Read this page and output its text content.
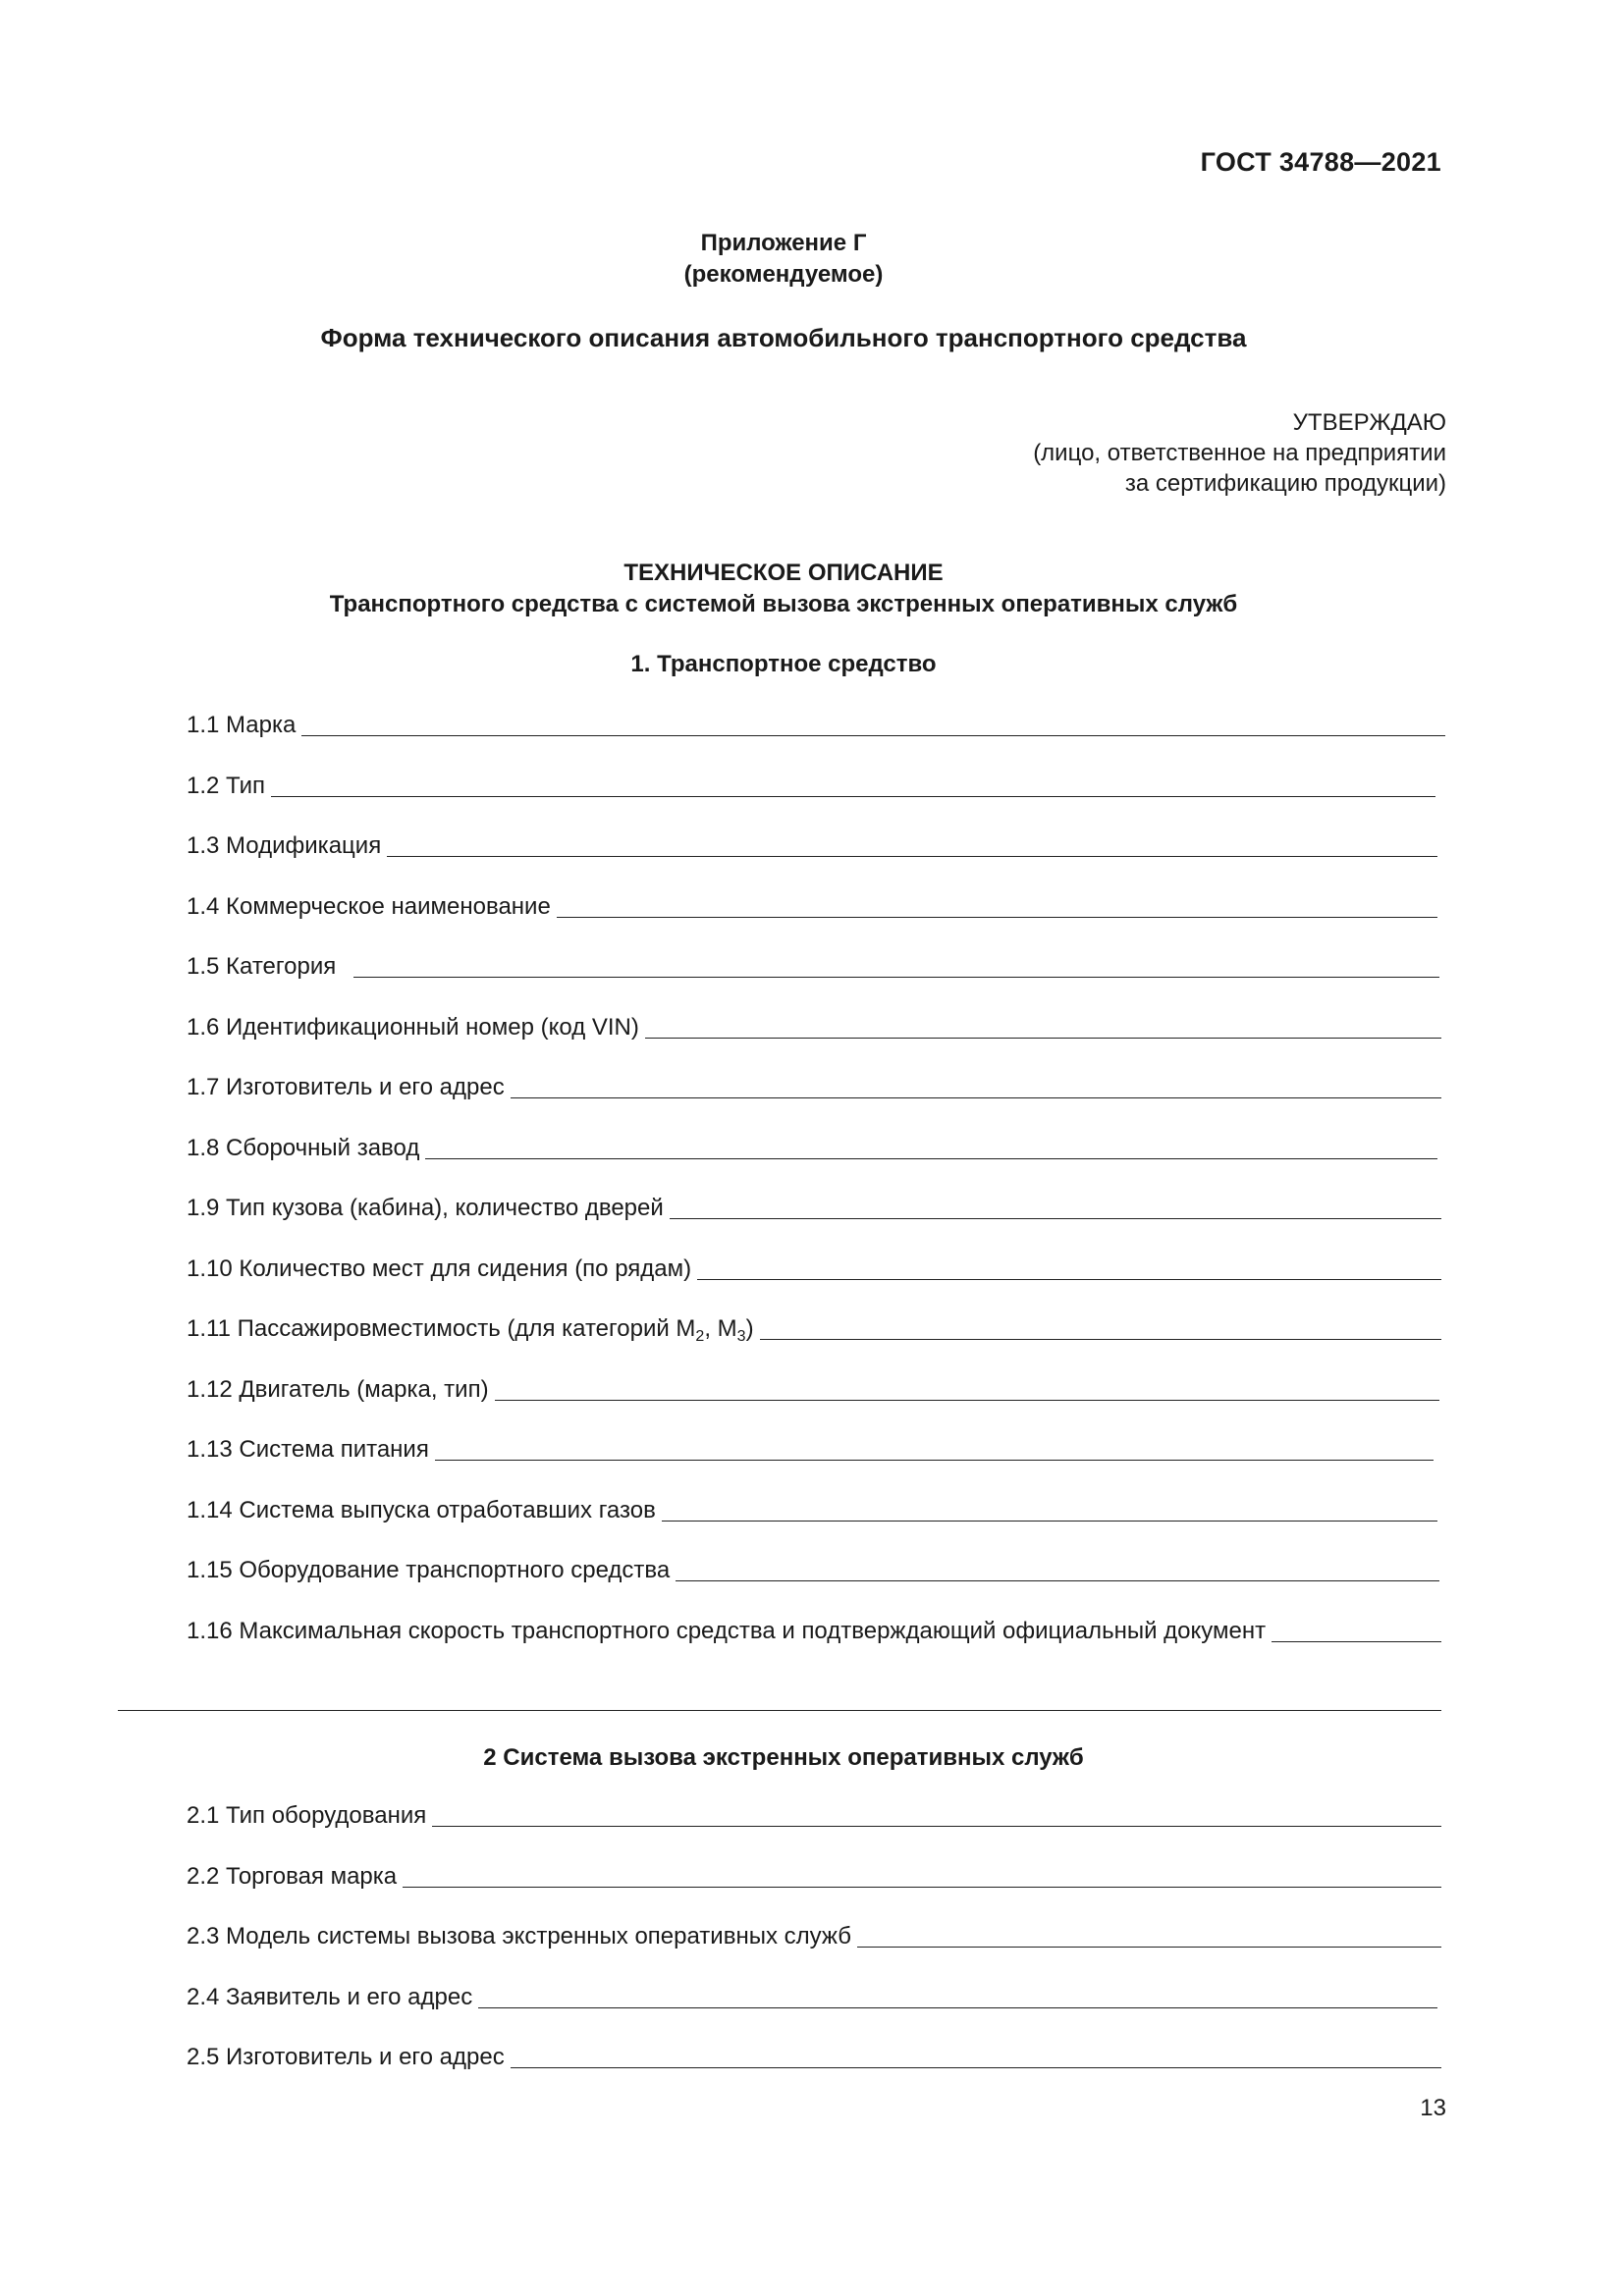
ГОСТ 34788—2021
Приложение Г
(рекомендуемое)
Форма технического описания автомобильного транспортного средства
УТВЕРЖДАЮ
(лицо, ответственное на предприятии
за сертификацию продукции)
ТЕХНИЧЕСКОЕ ОПИСАНИЕ
Транспортного средства с системой вызова экстренных оперативных служб
1. Транспортное средство
1.1 Марка
1.2 Тип
1.3 Модификация
1.4 Коммерческое наименование
1.5 Категория
1.6 Идентификационный номер (код VIN)
1.7 Изготовитель и его адрес
1.8 Сборочный завод
1.9 Тип кузова (кабина), количество дверей
1.10 Количество мест для сидения (по рядам)
1.11 Пассажировместимость (для категорий $M_2$, $M_3$)
1.12 Двигатель (марка, тип)
1.13 Система питания
1.14 Система выпуска отработавших газов
1.15 Оборудование транспортного средства
1.16 Максимальная скорость транспортного средства и подтверждающий официальный документ
2 Система вызова экстренных оперативных служб
2.1 Тип оборудования
2.2 Торговая марка
2.3 Модель системы вызова экстренных оперативных служб
2.4 Заявитель и его адрес
2.5 Изготовитель и его адрес
13
